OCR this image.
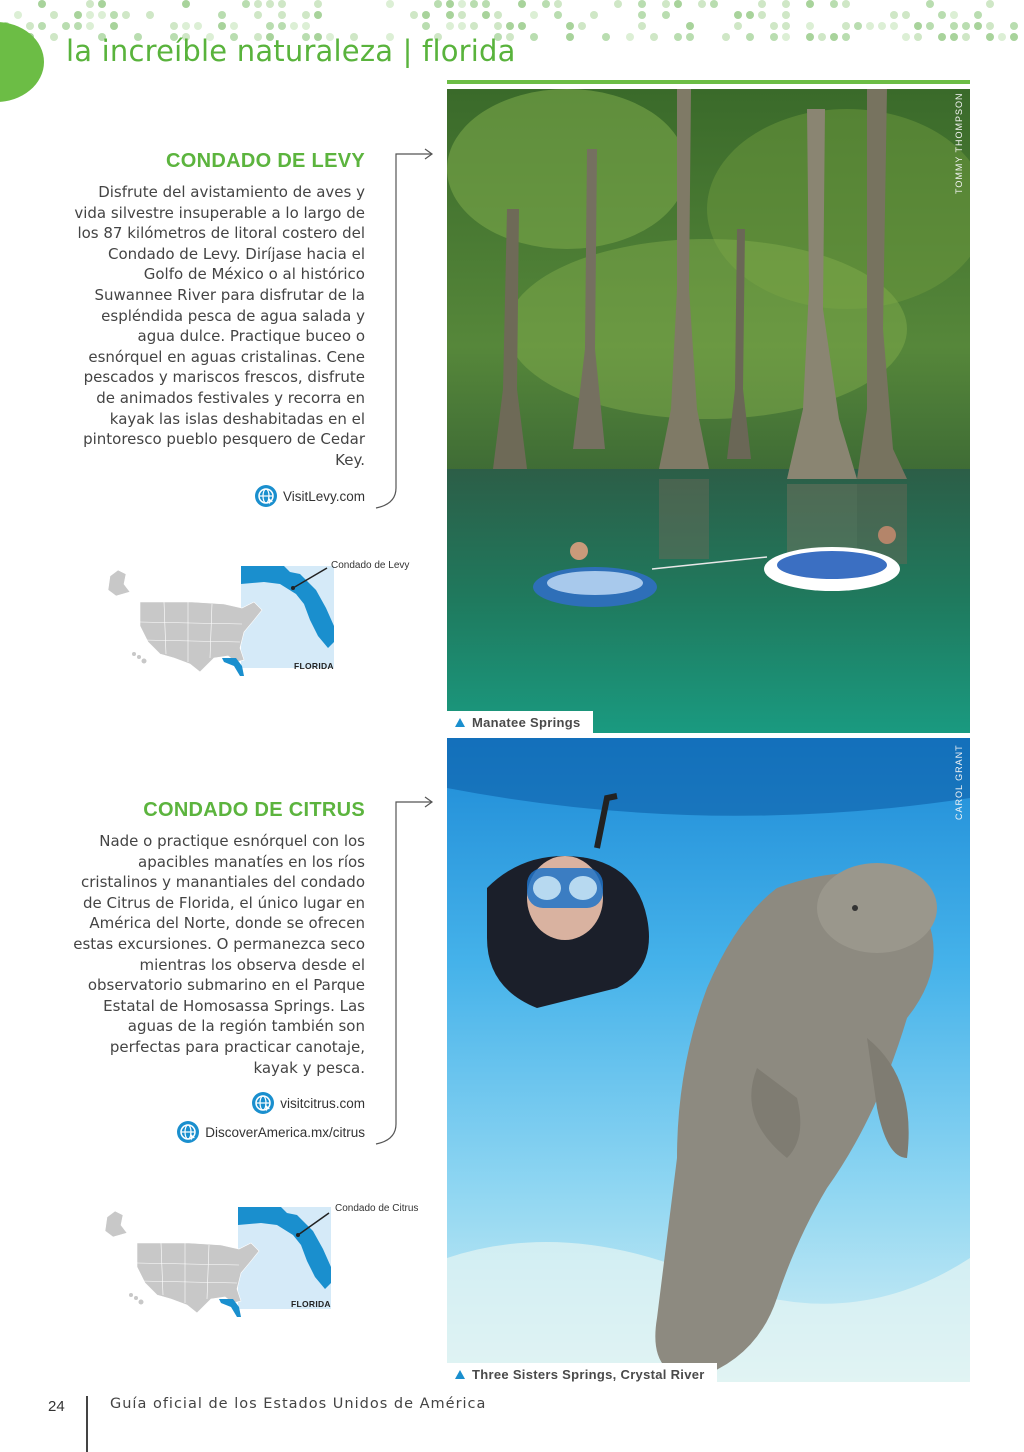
la increíble naturaleza | florida
CONDADO DE LEVY
Disfrute del avistamiento de aves y vida silvestre insuperable a lo largo de los 87 kilómetros de litoral costero del Condado de Levy. Diríjase hacia el Golfo de México o al histórico Suwannee River para disfrutar de la espléndida pesca de agua salada y agua dulce. Practique buceo o esnórquel en aguas cristalinas. Cene pescados y mariscos frescos, disfrute de animados festivales y recorra en kayak las islas deshabitadas en el pintoresco pueblo pesquero de Cedar Key.
VisitLevy.com
Condado de Levy
FLORIDA
TOMMY THOMPSON
Manatee Springs
CONDADO DE CITRUS
Nade o practique esnórquel con los apacibles manatíes en los ríos cristalinos y manantiales del condado de Citrus de Florida, el único lugar en América del Norte, donde se ofrecen estas excursiones. O permanezca seco mientras los observa desde el observatorio submarino en el Parque Estatal de Homosassa Springs. Las aguas de la región también son perfectas para practicar canotaje, kayak y pesca.
visitcitrus.com
DiscoverAmerica.mx/citrus
Condado de Citrus
FLORIDA
CAROL GRANT
Three Sisters Springs, Crystal River
24	Guía oficial de los Estados Unidos de América
